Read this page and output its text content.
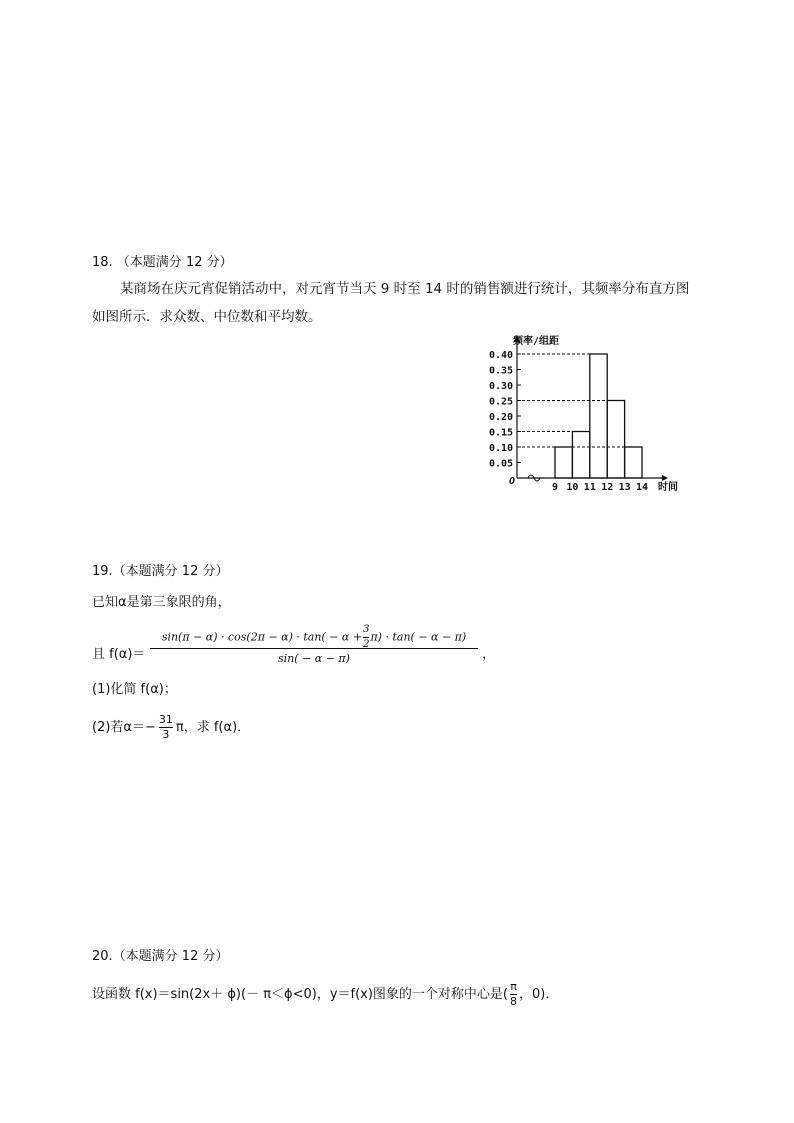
18. （本题满分 12 分）
某商场在庆元宵促销活动中，对元宵节当天 9 时至 14 时的销售额进行统计，其频率分布直方图
如图所示．求众数、中位数和平均数。
频率/组距
时间
O
0.40
0.35
0.30
0.25
0.20
0.15
0.10
0.05
9 10 11 12 13 14
19.（本题满分 12 分）
已知α是第三象限的角，
且 f(α)＝
$\sin(\pi - \alpha) \cdot \cos(2\pi - \alpha) \cdot \tan( - \alpha + \frac{3}{2} \pi) \cdot \tan( - \alpha - \pi)$
sin( − α − π)	，
(1)化简 f(α)；
(2)若$\alpha=- \frac{31}{3}$ π，求 f(α)．
20.（本题满分 12 分）
设函数 f(x)＝sin(2x＋ ϕ)(－ π＜ϕ<0)，y＝f(x)图象的一个对称中心是( $\frac{\pi}{8}$ ，0)．
